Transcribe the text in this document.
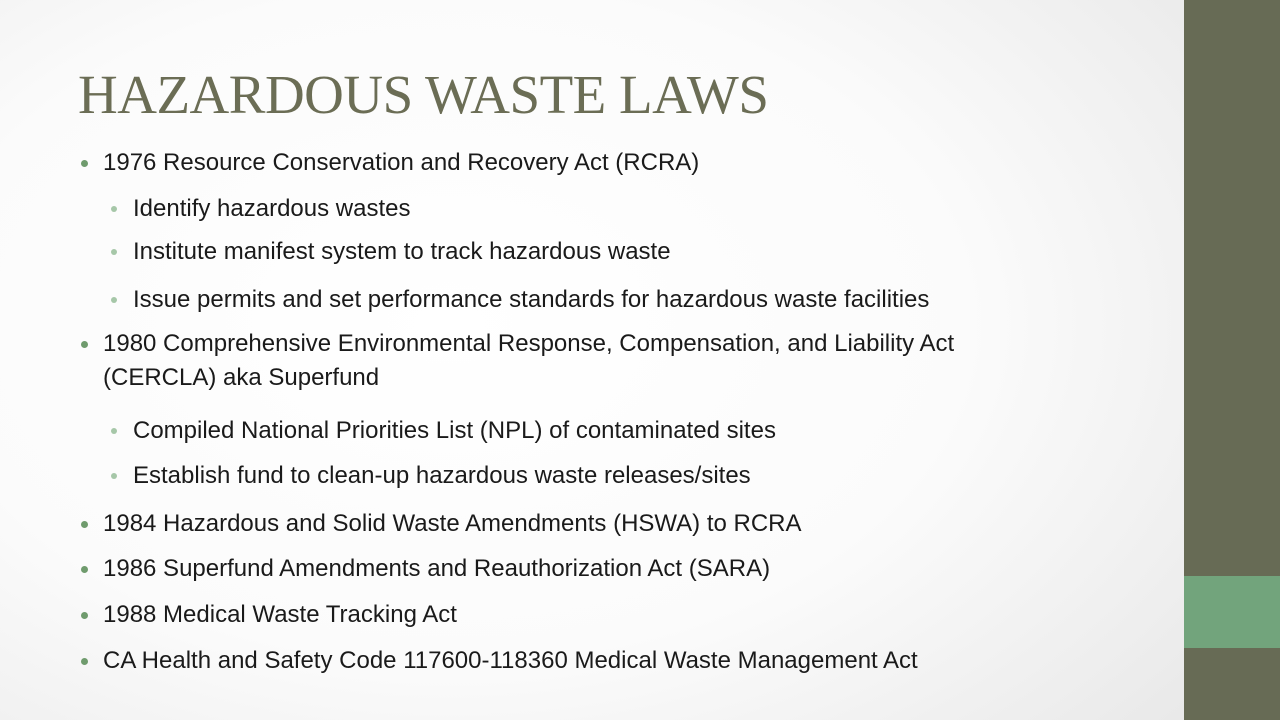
HAZARDOUS WASTE LAWS
1976 Resource Conservation and Recovery Act (RCRA)
Identify hazardous wastes
Institute manifest system to track hazardous waste
Issue permits and set performance standards for hazardous waste facilities
1980 Comprehensive Environmental Response, Compensation, and Liability Act
(CERCLA) aka Superfund
Compiled National Priorities List (NPL) of contaminated sites
Establish fund to clean-up hazardous waste releases/sites
1984 Hazardous and Solid Waste Amendments (HSWA) to RCRA
1986 Superfund Amendments and Reauthorization Act (SARA)
1988 Medical Waste Tracking Act
CA Health and Safety Code 117600-118360 Medical Waste Management Act
